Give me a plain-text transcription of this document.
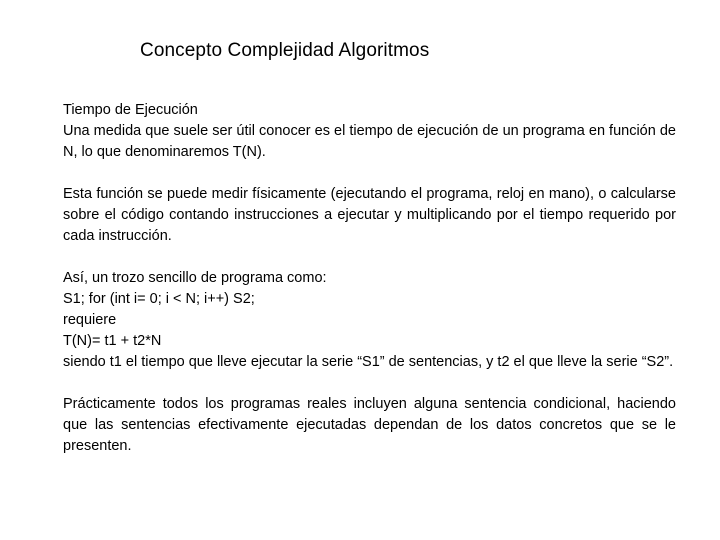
Concepto Complejidad Algoritmos
Tiempo de Ejecución

Una medida que suele ser útil conocer es el tiempo de ejecución de un programa en función de N, lo que denominaremos T(N).

Esta función se puede medir físicamente (ejecutando el programa, reloj en mano), o calcularse sobre el código contando instrucciones a ejecutar y multiplicando por el tiempo requerido por cada instrucción.

Así, un trozo sencillo de programa como:
S1; for (int i= 0; i < N; i++) S2;
requiere
T(N)= t1 + t2*N

siendo t1 el tiempo que lleve ejecutar la serie “S1” de sentencias, y t2 el que lleve la serie “S2”.

Prácticamente todos los programas reales incluyen alguna sentencia condicional, haciendo que las sentencias efectivamente ejecutadas dependan de los datos concretos que se le presenten.
